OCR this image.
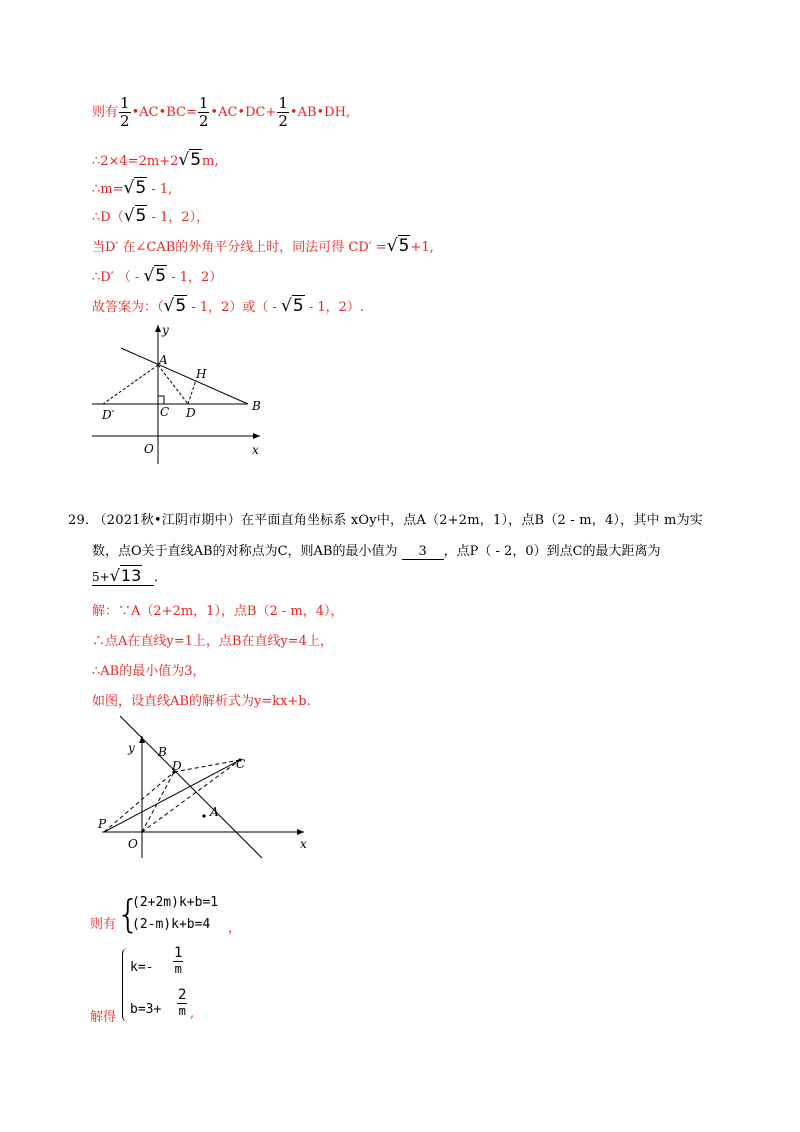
则有 $\frac{1}{2}$ •AC•BC= $\frac{1}{2}$ •AC•DC+ $\frac{1}{2}$ •AB•DH,
∴2×4=2m+2√5m,
∴m=√5 - 1,
∴D（√5 - 1，2），
当D′ 在∠CAB的外角平分线上时，同法可得 CD′ =√5+1,
∴D′ （ - √5 - 1，2）
故答案为：（√5 - 1，2）或（ - √5 - 1，2）.
y
A
H
B
D′	C D
O	x
29. （2021秋•江阴市期中）在平面直角坐标系 xOy中，点A（2+2m，1），点B（2 - m，4），其中 m为实
数，点O关于直线AB的对称点为C，则AB的最小值为 3 ，点P（ - 2，0）到点C的最大距离为
5+√13 ．
解：∵A（2+2m，1），点B（2 - m，4），
∴点A在直线y=1上，点B在直线y=4上，
∴AB的最小值为3，
如图，设直线AB的解析式为y=kx+b.
y B
D	C
A
P
O	x
则有 {
(2+2m)k+b=1
(2-m)k+b=4 ，
解得
$k=- \frac{1}{m}$
$b=3+ \frac{2}{m}$ ,
